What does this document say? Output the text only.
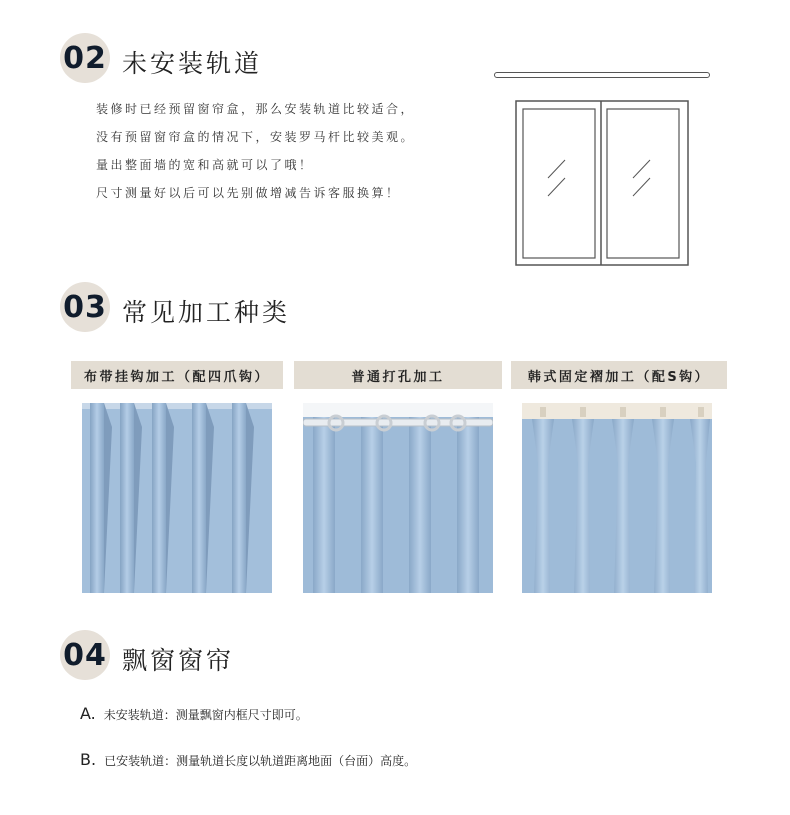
02 未安装轨道
装修时已经预留窗帘盒，那么安装轨道比较适合，
没有预留窗帘盒的情况下，安装罗马杆比较美观。
量出整面墙的宽和高就可以了哦！
尺寸测量好以后可以先别做增减告诉客服换算！
03 常见加工种类
布带挂钩加工（配四爪钩）	普通打孔加工	韩式固定褶加工（配S钩）
04 飘窗窗帘
A. 未安装轨道：测量飘窗内框尺寸即可。
B. 已安装轨道：测量轨道长度以轨道距离地面（台面）高度。
